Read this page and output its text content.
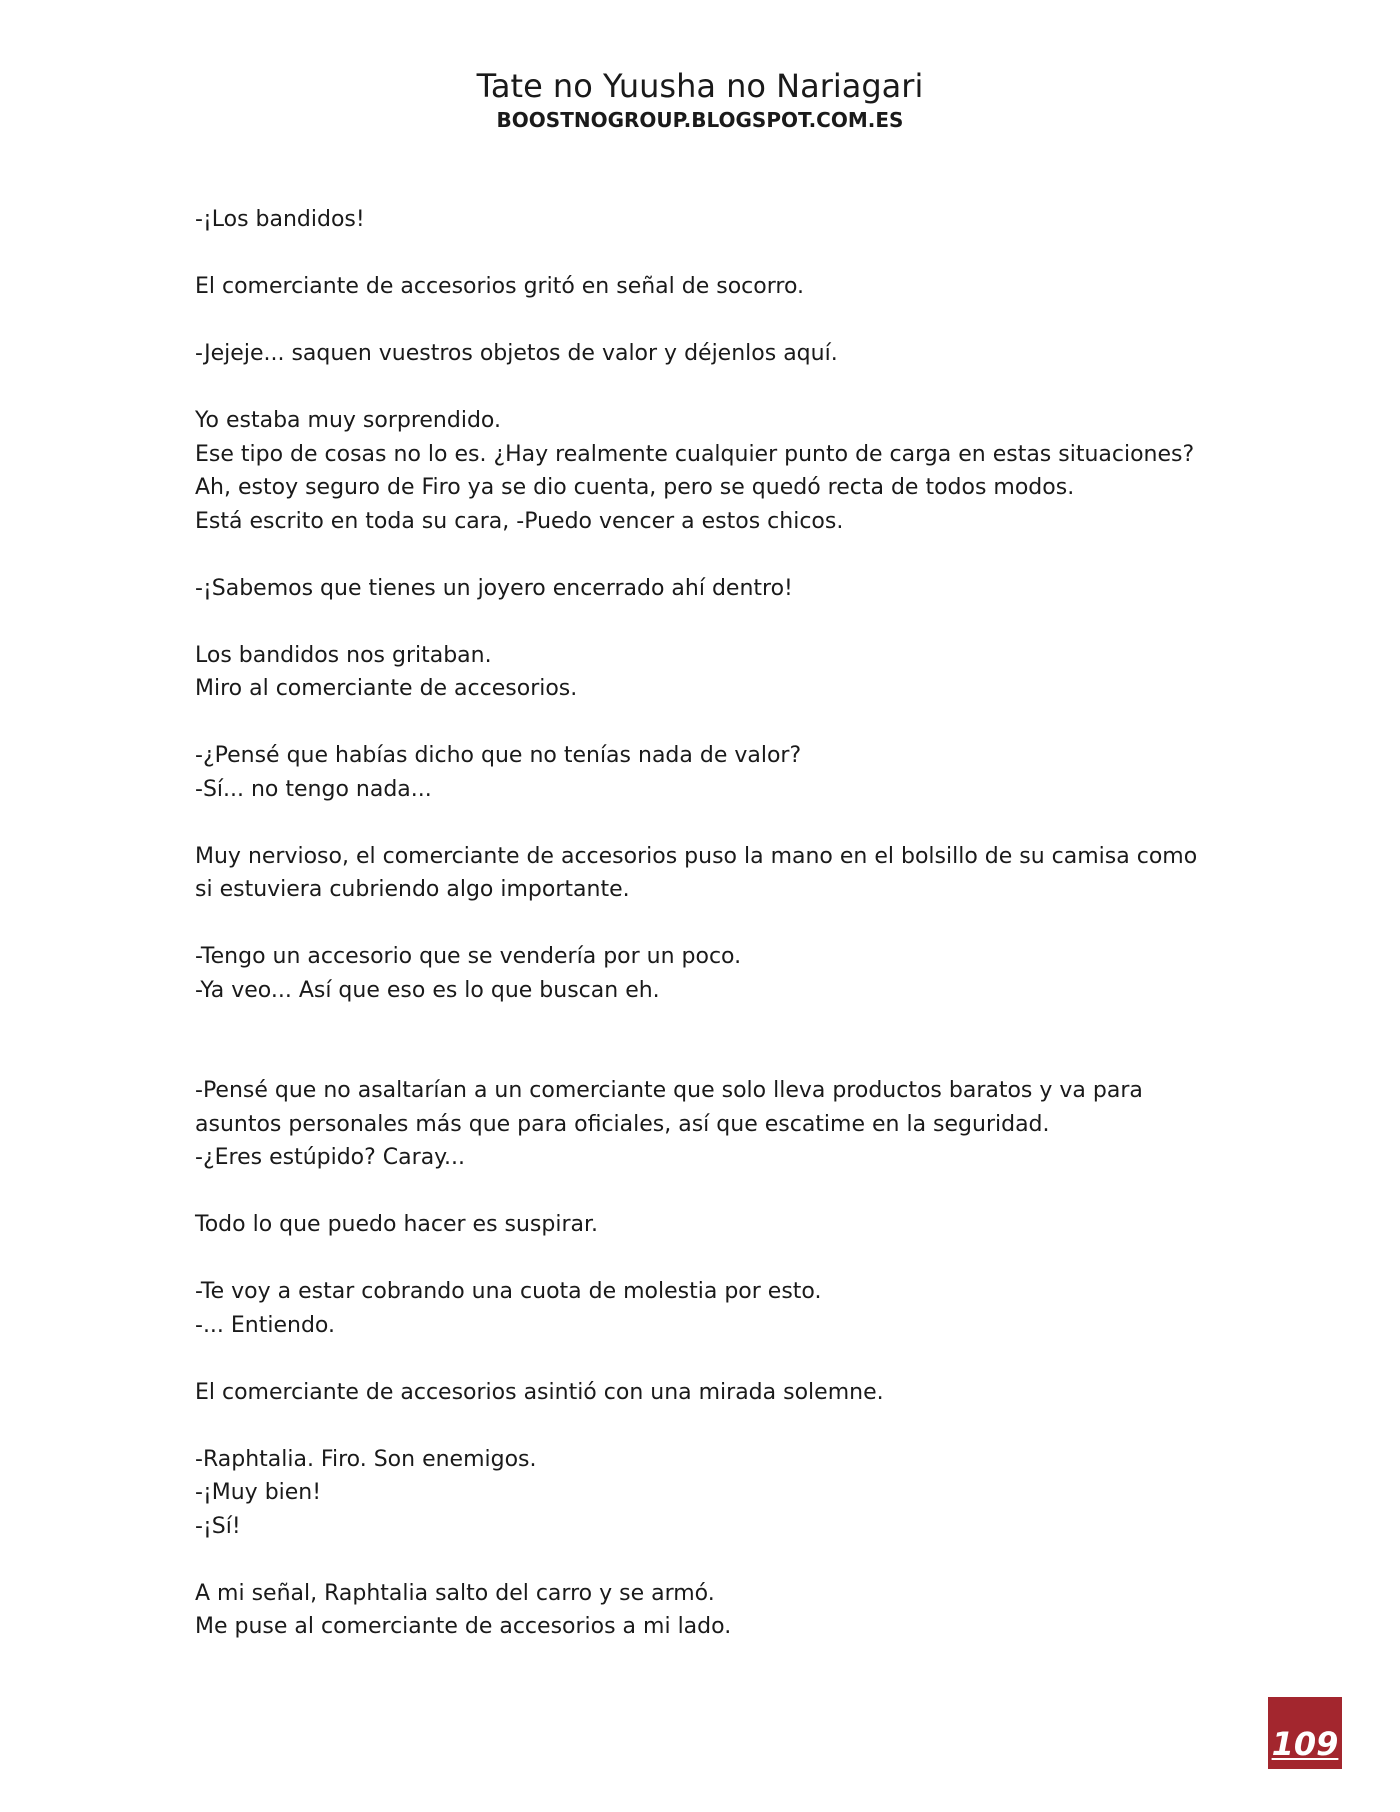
Tate no Yuusha no Nariagari
BOOSTNOGROUP.BLOGSPOT.COM.ES
-¡Los bandidos!
El comerciante de accesorios gritó en señal de socorro.
-Jejeje... saquen vuestros objetos de valor y déjenlos aquí.
Yo estaba muy sorprendido.
Ese tipo de cosas no lo es. ¿Hay realmente cualquier punto de carga en estas situaciones?
Ah, estoy seguro de Firo ya se dio cuenta, pero se quedó recta de todos modos.
Está escrito en toda su cara, -Puedo vencer a estos chicos.
-¡Sabemos que tienes un joyero encerrado ahí dentro!
Los bandidos nos gritaban.
Miro al comerciante de accesorios.
-¿Pensé que habías dicho que no tenías nada de valor?
-Sí... no tengo nada...
Muy nervioso, el comerciante de accesorios puso la mano en el bolsillo de su camisa como
si estuviera cubriendo algo importante.
-Tengo un accesorio que se vendería por un poco.
-Ya veo... Así que eso es lo que buscan eh.
-Pensé que no asaltarían a un comerciante que solo lleva productos baratos y va para
asuntos personales más que para oficiales, así que escatime en la seguridad.
-¿Eres estúpido? Caray...
Todo lo que puedo hacer es suspirar.
-Te voy a estar cobrando una cuota de molestia por esto.
-... Entiendo.
El comerciante de accesorios asintió con una mirada solemne.
-Raphtalia. Firo. Son enemigos.
-¡Muy bien!
-¡Sí!
A mi señal, Raphtalia salto del carro y se armó.
Me puse al comerciante de accesorios a mi lado.
109
